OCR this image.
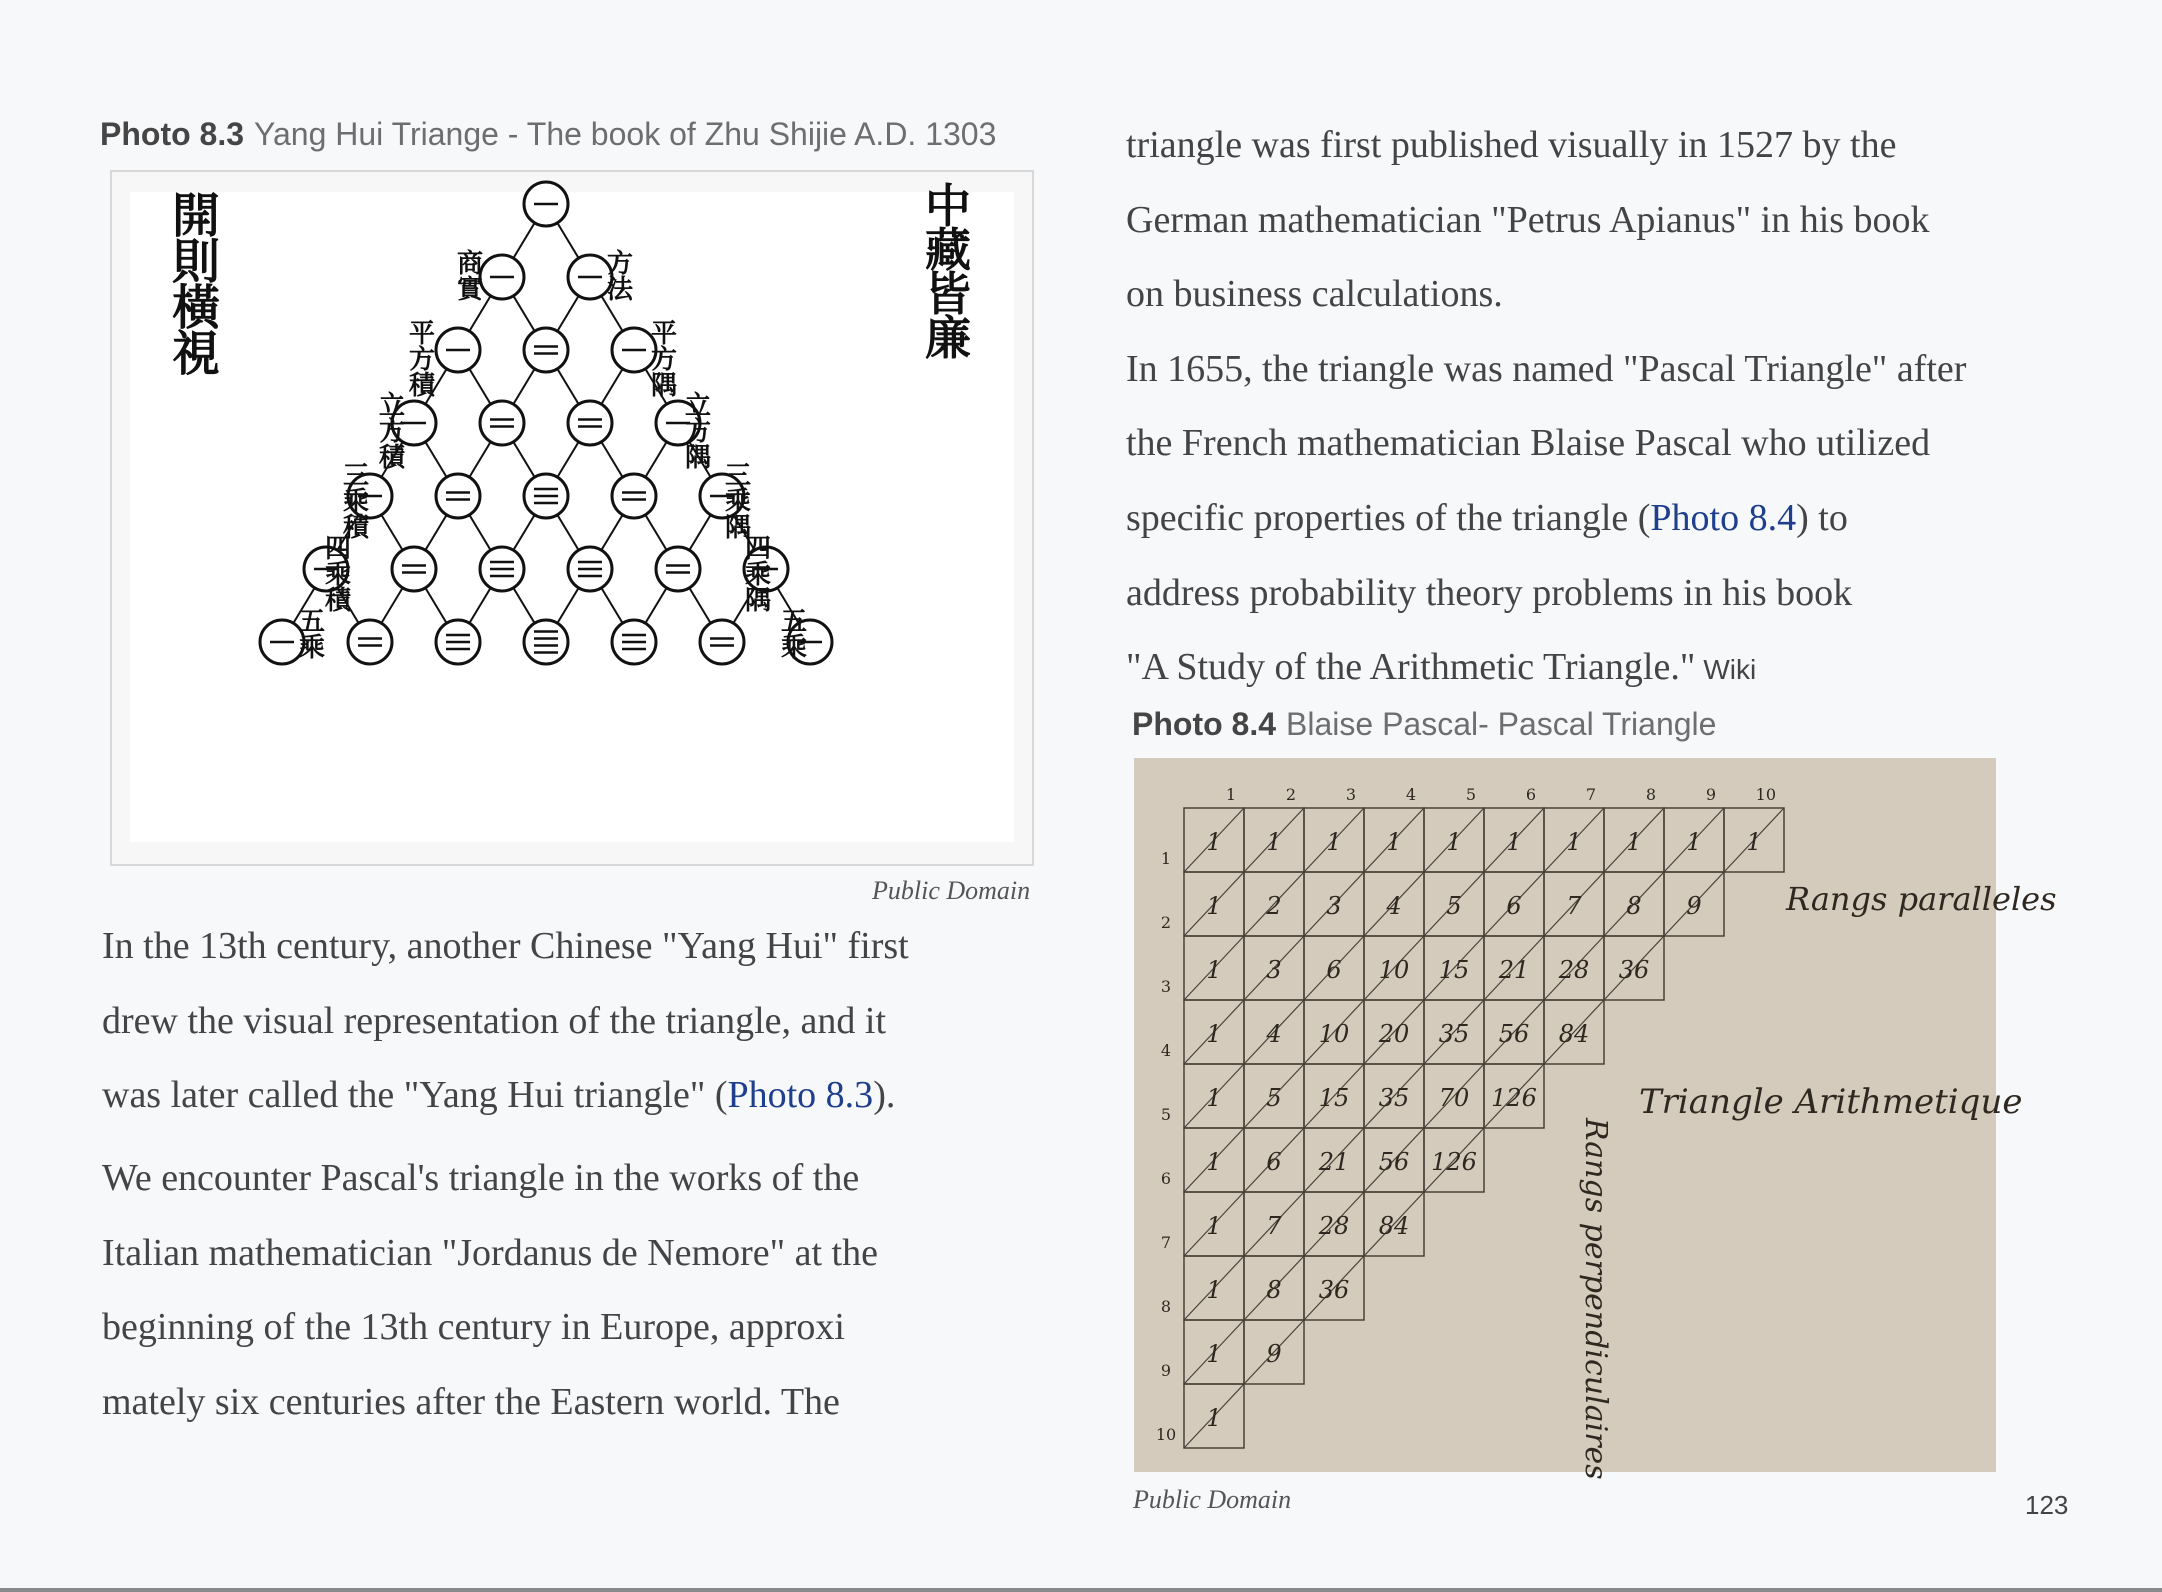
Photo 8.3 Yang Hui Triange - The book of Zhu Shijie A.D. 1303
開
則
橫
視
中
藏
皆
廉
商
實
平
方
積
立
方
積
三
乘
積
四
乘
積
五
乘
方
法
平
方
隅
立
方
隅
三
乘
隅
四
乘
隅
五
乘
Public Domain
In the 13th century, another Chinese "Yang Hui" first
drew the visual representation of the triangle, and it
was later called the "Yang Hui triangle" (Photo 8.3).
We encounter Pascal's triangle in the works of the
Italian mathematician "Jordanus de Nemore" at the
beginning of the 13th century in Europe, approxi
mately six centuries after the Eastern world. The
triangle was first published visually in 1527 by the
German mathematician "Petrus Apianus" in his book
on business calculations.
In 1655, the triangle was named "Pascal Triangle" after
the French mathematician Blaise Pascal who utilized
specific properties of the triangle (Photo 8.4) to
address probability theory problems in his book
"A Study of the Arithmetic Triangle." Wiki
Photo 8.4 Blaise Pascal- Pascal Triangle
1 1 1 1 1 1 1 1 1 1
1 2 3 4 5 6 7 8 9
1 3 6 10 15 21 28 36
1 4 10 20 35 56 84
1 5 15 35 70 126
1 6 21 56 126
1 7 28 84
1 8 36
1 9
1
1
1
2
2
3
3
4
4
5
5
6
6
7
7
8
8
9
9
10
10
Rangs paralleles
Triangle Arithmetique
Rangs perpendiculaires
Public Domain	123
